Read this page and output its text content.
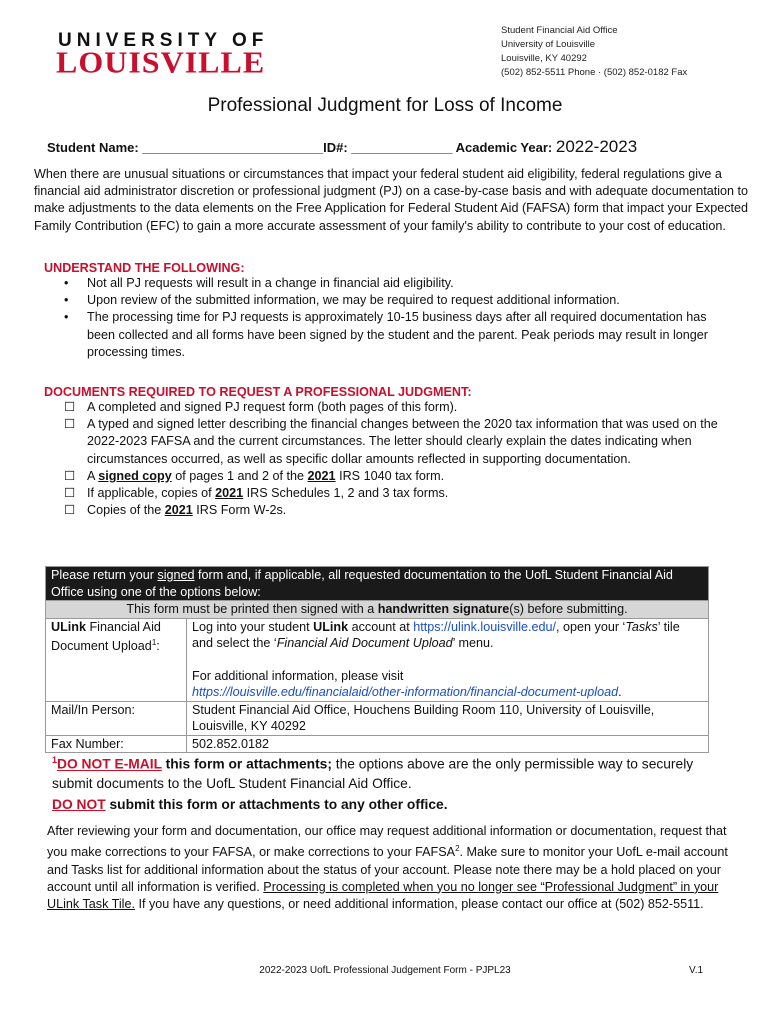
UNIVERSITY OF
LOUISVILLE
Student Financial Aid Office
University of Louisville
Louisville, KY 40292
(502) 852-5511 Phone · (502) 852-0182 Fax
Professional Judgment for Loss of Income
Student Name: _________________________ID#: ______________ Academic Year: 2022-2023
When there are unusual situations or circumstances that impact your federal student aid eligibility, federal regulations give a financial aid administrator discretion or professional judgment (PJ) on a case-by-case basis and with adequate documentation to make adjustments to the data elements on the Free Application for Federal Student Aid (FAFSA) form that impact your Expected Family Contribution (EFC) to gain a more accurate assessment of your family's ability to contribute to your cost of education.
UNDERSTAND THE FOLLOWING:
• Not all PJ requests will result in a change in financial aid eligibility.
• Upon review of the submitted information, we may be required to request additional information.
• The processing time for PJ requests is approximately 10-15 business days after all required documentation has been collected and all forms have been signed by the student and the parent. Peak periods may result in longer processing times.
DOCUMENTS REQUIRED TO REQUEST A PROFESSIONAL JUDGMENT:
☐ A completed and signed PJ request form (both pages of this form).
☐ A typed and signed letter describing the financial changes between the 2020 tax information that was used on the 2022-2023 FAFSA and the current circumstances. The letter should clearly explain the dates indicating when circumstances occurred, as well as specific dollar amounts reflected in supporting documentation.
☐ A signed copy of pages 1 and 2 of the 2021 IRS 1040 tax form.
☐ If applicable, copies of 2021 IRS Schedules 1, 2 and 3 tax forms.
☐ Copies of the 2021 IRS Form W-2s.
Please return your signed form and, if applicable, all requested documentation to the UofL Student Financial Aid Office using one of the options below:	
This form must be printed then signed with a handwritten signature(s) before submitting.	
ULink Financial Aid Document Upload$^1$:	Log into your student ULink account at https://ulink.louisville.edu/, open your ‘Tasks’ tile and select the ‘Financial Aid Document Upload’ menu.
For additional information, please visit
https://louisville.edu/financialaid/other-information/financial-document-upload.

Mail/In Person:	Student Financial Aid Office, Houchens Building Room 110, University of Louisville, Louisville, KY 40292
Fax Number:	502.852.0182
$^1$DO NOT E-MAIL this form or attachments; the options above are the only permissible way to securely submit documents to the UofL Student Financial Aid Office.
DO NOT submit this form or attachments to any other office.
After reviewing your form and documentation, our office may request additional information or documentation, request that you make corrections to your FAFSA, or make corrections to your FAFSA$^2$. Make sure to monitor your UofL e-mail account and Tasks list for additional information about the status of your account. Please note there may be a hold placed on your account until all information is verified. Processing is completed when you no longer see “Professional Judgment” in your ULink Task Tile. If you have any questions, or need additional information, please contact our office at (502) 852-5511.
2022-2023 UofL Professional Judgement Form - PJPL23	V.1
